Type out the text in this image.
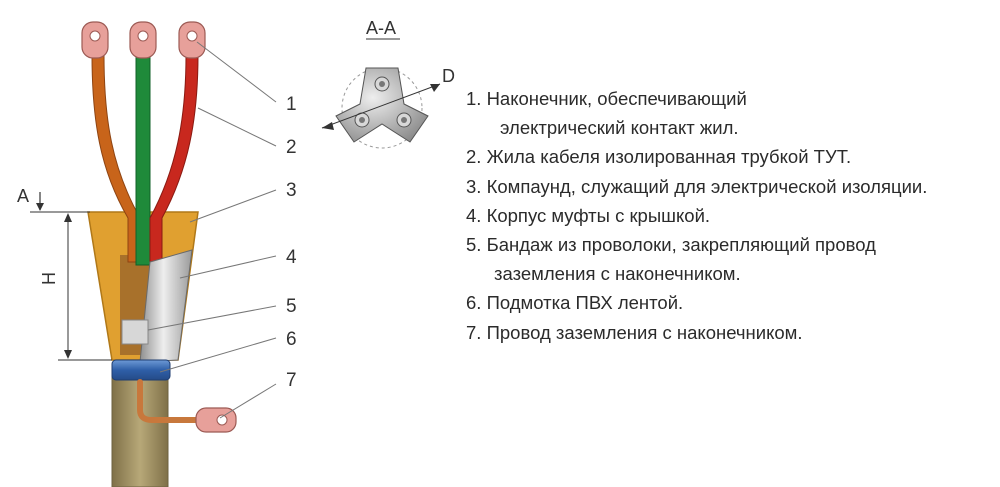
1
2
3
4
5
6
7
A
H
A-A
D
1. Наконечник, обеспечивающий
электрический контакт жил.
2. Жила кабеля изолированная трубкой ТУТ.
3. Компаунд, служащий для электрической изоляции.
4. Корпус муфты с крышкой.
5. Бандаж из проволоки, закрепляющий провод
заземления с наконечником.
6. Подмотка ПВХ лентой.
7. Провод заземления с наконечником.
